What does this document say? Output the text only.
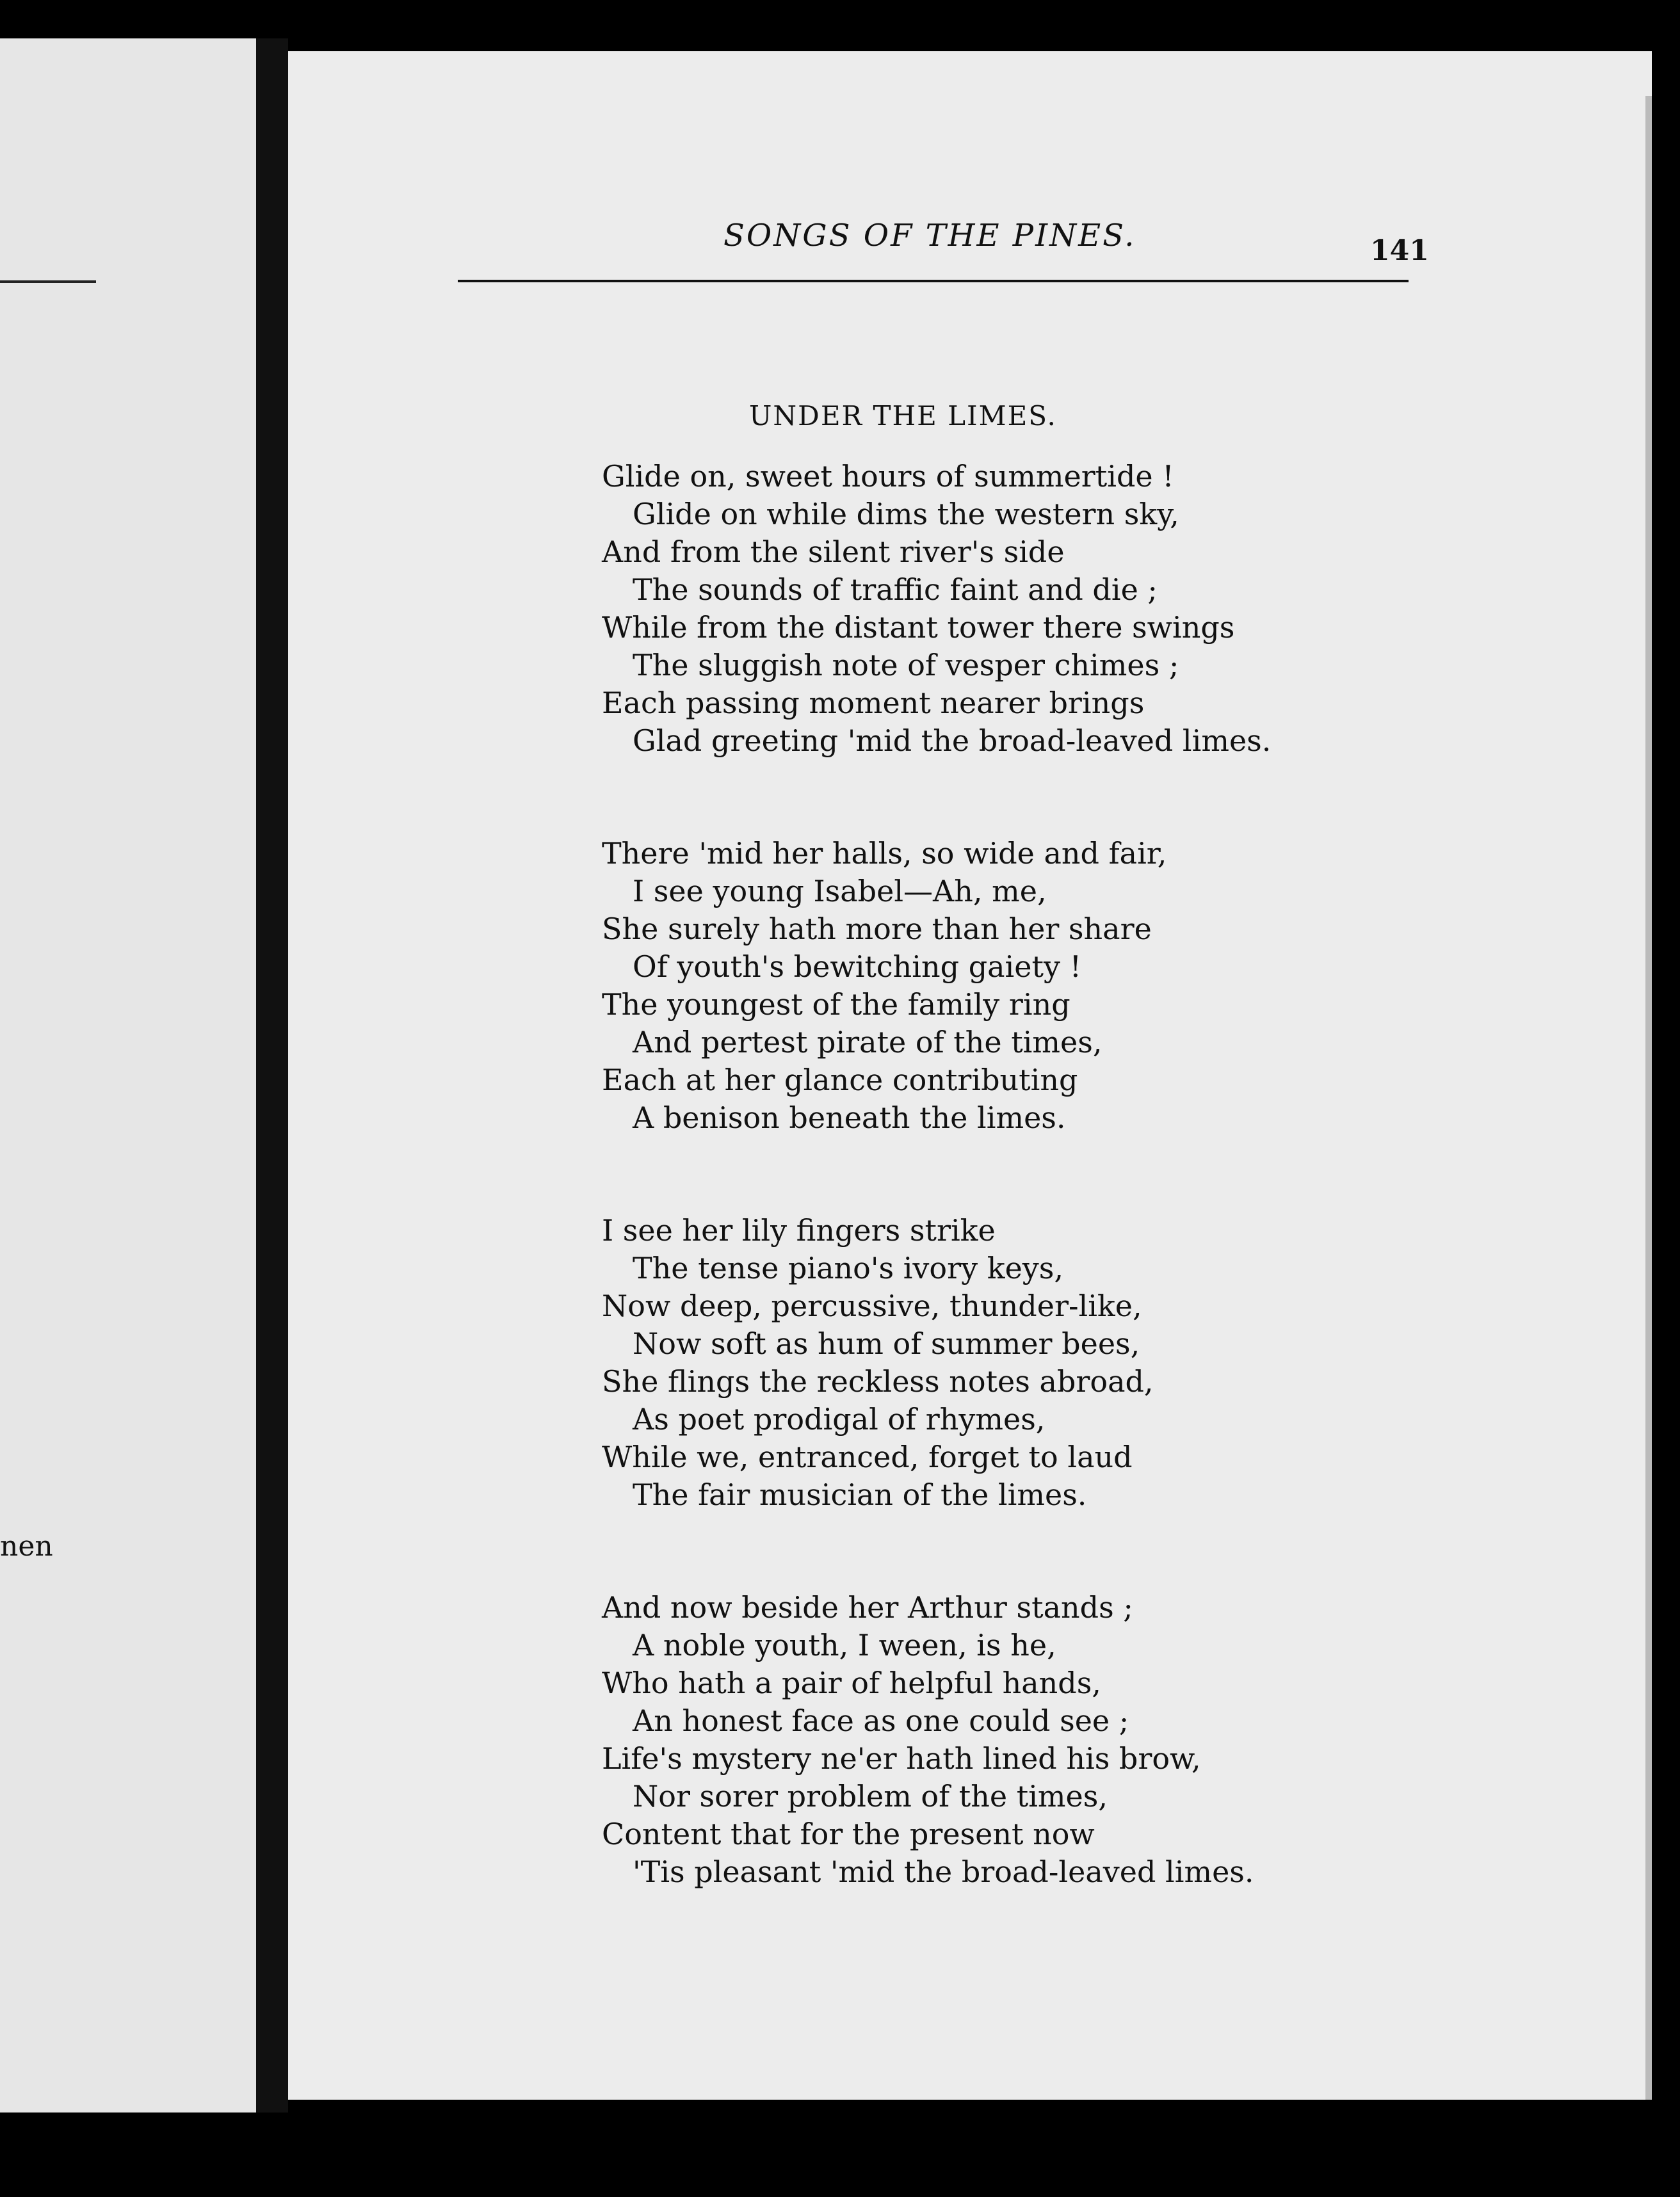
nen
SONGS OF THE PINES.	141
UNDER THE LIMES.
Glide on, sweet hours of summertide !
Glide on while dims the western sky,
And from the silent river's side
The sounds of traffic faint and die ;
While from the distant tower there swings
The sluggish note of vesper chimes ;
Each passing moment nearer brings
Glad greeting 'mid the broad-leaved limes.
There 'mid her halls, so wide and fair,
I see young Isabel—Ah, me,
She surely hath more than her share
Of youth's bewitching gaiety !
The youngest of the family ring
And pertest pirate of the times,
Each at her glance contributing
A benison beneath the limes.
I see her lily fingers strike
The tense piano's ivory keys,
Now deep, percussive, thunder-like,
Now soft as hum of summer bees,
She flings the reckless notes abroad,
As poet prodigal of rhymes,
While we, entranced, forget to laud
The fair musician of the limes.
And now beside her Arthur stands ;
A noble youth, I ween, is he,
Who hath a pair of helpful hands,
An honest face as one could see ;
Life's mystery ne'er hath lined his brow,
Nor sorer problem of the times,
Content that for the present now
'Tis pleasant 'mid the broad-leaved limes.
